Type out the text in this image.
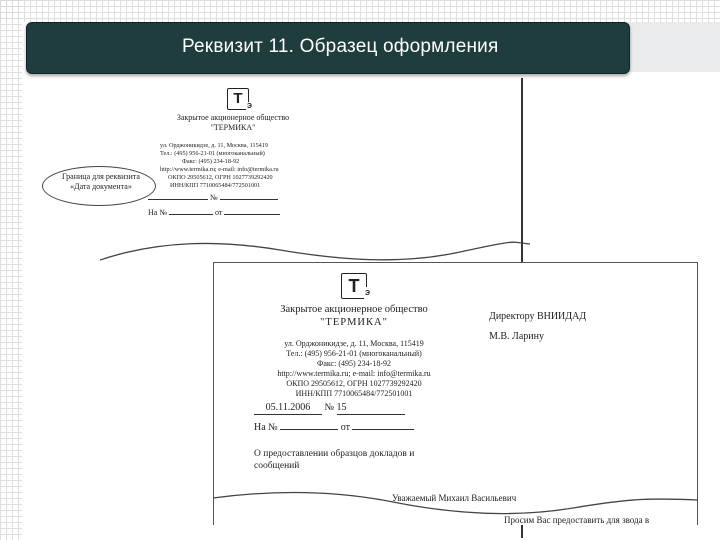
Реквизит 11. Образец оформления
Т Э
Закрытое акционерное общество
"ТЕРМИКА"
ул. Орджоникидзе, д. 11, Москва, 115419
Тел.: (495) 956-21-01 (многоканальный)
Факс: (495) 234-18-92
http://www.termika.ru; e-mail: info@termika.ru
ОКПО 29505612, ОГРН 1027739292420
ИНН/КПП 7710065484/772501001
№
На №	от
Граница для реквизита «Дата документа»
Т Э
Закрытое акционерное общество
"ТЕРМИКА"
ул. Орджоникидзе, д. 11, Москва, 115419
Тел.: (495) 956-21-01 (многоканальный)
Факс: (495) 234-18-92
http://www.termika.ru; e-mail: info@termika.ru
ОКПО 29505612, ОГРН 1027739292420
ИНН/КПП 7710065484/772501001
05.11.2006 № 15
На №	от
О предоставлении образцов докладов и
сообщений
Директору ВНИИДАД
М.В. Ларину
Уважаемый Михаил Васильевич
Просим Вас предоставить для звода в
